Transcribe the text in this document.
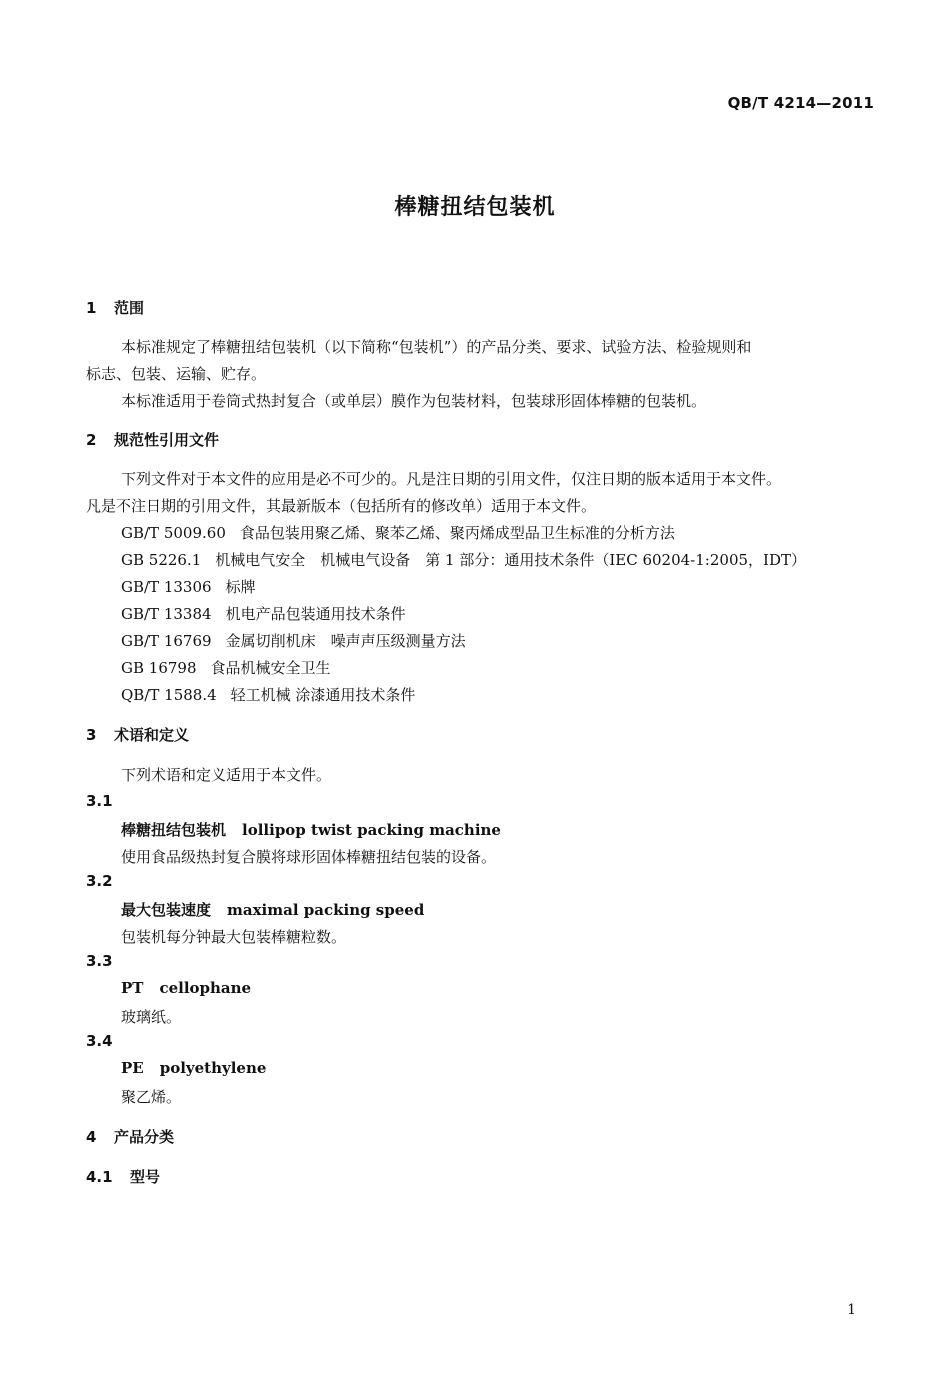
QB/T 4214—2011
棒糖扭结包装机
1 范围
本标准规定了棒糖扭结包装机（以下简称“包装机”）的产品分类、要求、试验方法、检验规则和
标志、包装、运输、贮存。
本标准适用于卷筒式热封复合（或单层）膜作为包装材料，包装球形固体棒糖的包装机。
2 规范性引用文件
下列文件对于本文件的应用是必不可少的。凡是注日期的引用文件，仅注日期的版本适用于本文件。
凡是不注日期的引用文件，其最新版本（包括所有的修改单）适用于本文件。
GB/T 5009.60 食品包装用聚乙烯、聚苯乙烯、聚丙烯成型品卫生标准的分析方法
GB 5226.1 机械电气安全　机械电气设备　第 1 部分：通用技术条件（IEC 60204-1:2005，IDT）
GB/T 13306 标牌
GB/T 13384 机电产品包装通用技术条件
GB/T 16769 金属切削机床　噪声声压级测量方法
GB 16798 食品机械安全卫生
QB/T 1588.4 轻工机械 涂漆通用技术条件
3 术语和定义
下列术语和定义适用于本文件。
3.1
棒糖扭结包装机 lollipop twist packing machine
使用食品级热封复合膜将球形固体棒糖扭结包装的设备。
3.2
最大包装速度 maximal packing speed
包装机每分钟最大包装棒糖粒数。
3.3
PT cellophane
玻璃纸。
3.4
PE polyethylene
聚乙烯。
4 产品分类
4.1 型号
1
